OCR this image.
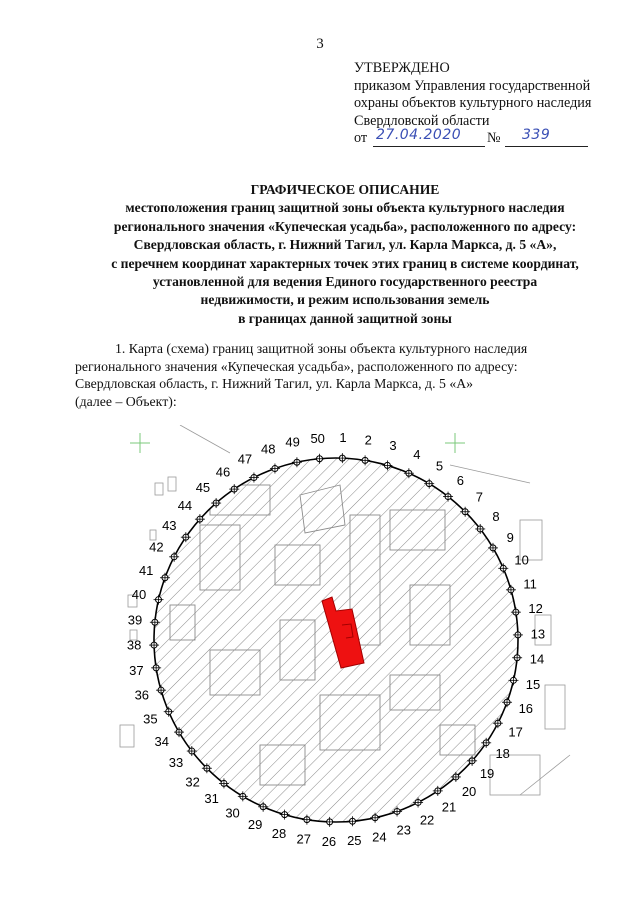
3
УТВЕРЖДЕНО
приказом Управления государственной
охраны объектов культурного наследия
Свердловской области
от 27.04.2020 № 339
ГРАФИЧЕСКОЕ ОПИСАНИЕ
местоположения границ защитной зоны объекта культурного наследия
регионального значения «Купеческая усадьба», расположенного по адресу:
Свердловская область, г. Нижний Тагил, ул. Карла Маркса, д. 5 «А»,
с перечнем координат характерных точек этих границ в системе координат,
установленной для ведения Единого государственного реестра
недвижимости, и режим использования земель
в границах данной защитной зоны
1. Карта (схема) границ защитной зоны объекта культурного наследия
регионального значения «Купеческая усадьба», расположенного по адресу:
Свердловская область, г. Нижний Тагил, ул. Карла Маркса, д. 5 «А»
(далее – Объект):
1 2 3
4
5
6
7
8
9
10
11
12
13
14
15
16
17
18
19
20
21
22
23
24
25
26
27
28
29
30
31
32
33
34
35
36
37
38
39
40
41
42
43
44
45
46
47
48 49 50
